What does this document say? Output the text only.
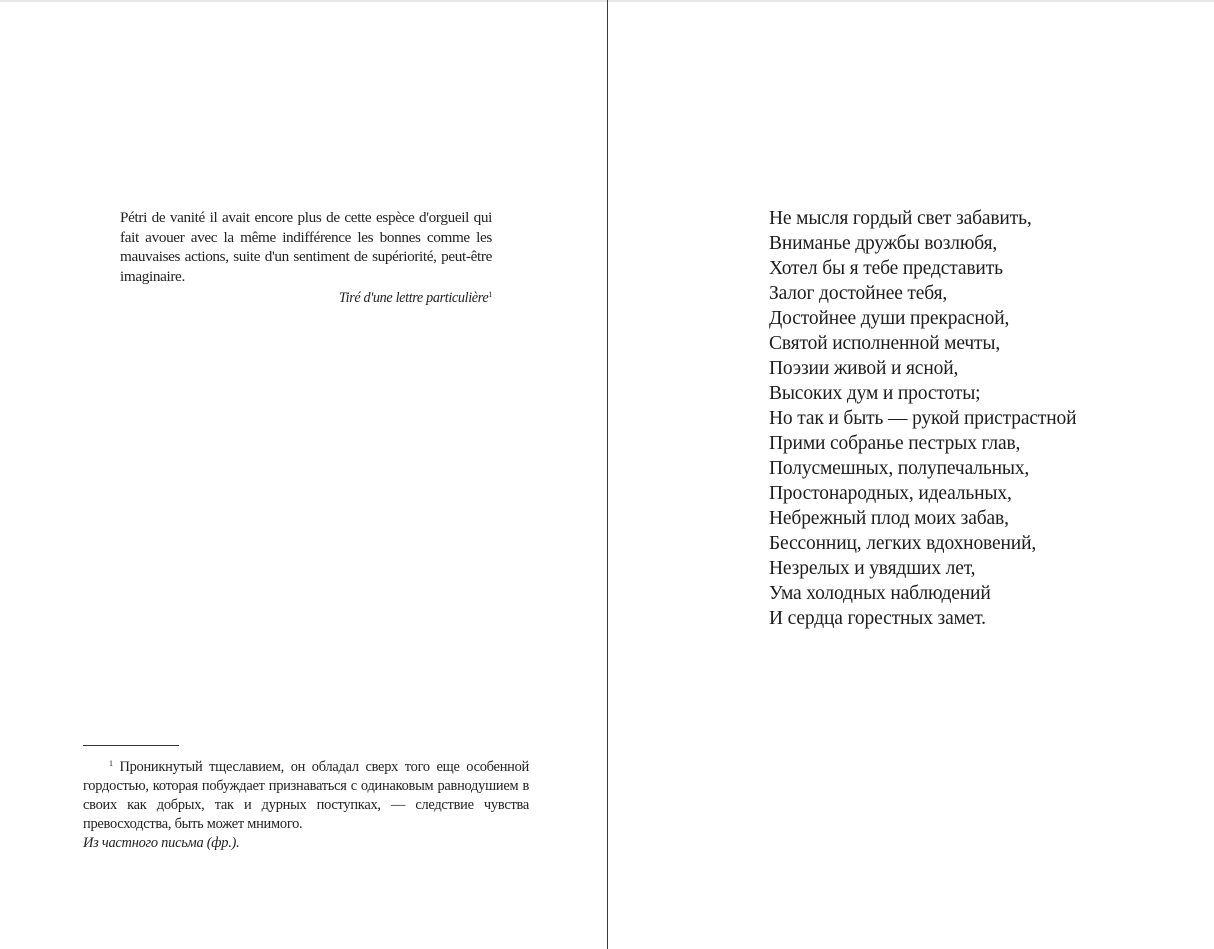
Pétri de vanité il avait encore plus de cette espèce d'orgueil qui fait avouer avec la même indifférence les bonnes comme les mauvaises actions, suite d'un sentiment de supériorité, peut-être imaginaire.

Tiré d'une lettre particulière$^1$

$^1$ Проникнутый тщеславием, он обладал сверх того еще особенной гордостью, которая побуждает признаваться с одинаковым равнодушием в своих как добрых, так и дурных поступках, — следствие чувства превосходства, быть может мнимого.

Из частного письма (фр.).

Не мысля гордый свет забавить,
Вниманье дружбы возлюбя,
Хотел бы я тебе представить
Залог достойнее тебя,
Достойнее души прекрасной,
Святой исполненной мечты,
Поэзии живой и ясной,
Высоких дум и простоты;
Но так и быть — рукой пристрастной
Прими собранье пестрых глав,
Полусмешных, полупечальных,
Простонародных, идеальных,
Небрежный плод моих забав,
Бессонниц, легких вдохновений,
Незрелых и увядших лет,
Ума холодных наблюдений
И сердца горестных замет.
